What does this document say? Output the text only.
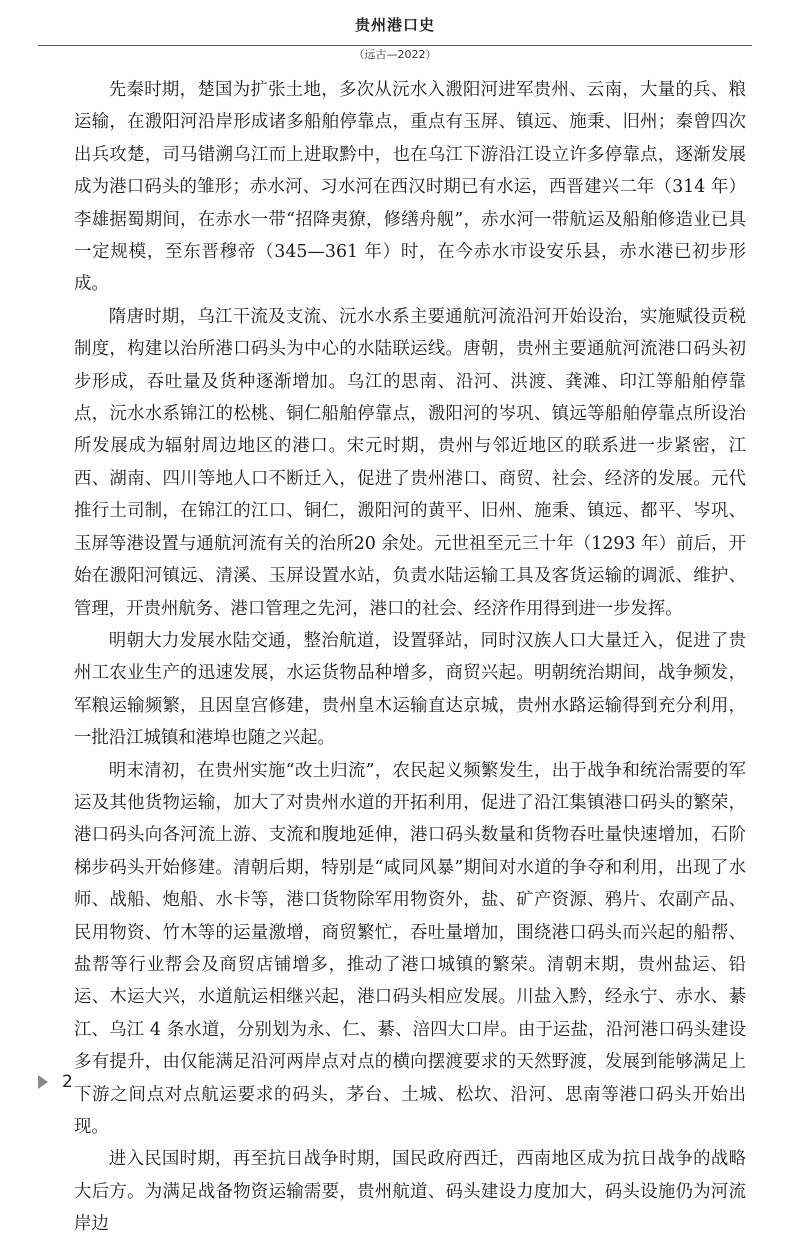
贵州港口史
（远古—2022）

先秦时期，楚国为扩张土地，多次从沅水入溵阳河进军贵州、云南，大量的兵、粮运输，在溵阳河沿岸形成诸多船舶停靠点，重点有玉屏、镇远、施秉、旧州；秦曾四次出兵攻楚，司马错溯乌江而上进取黔中，也在乌江下游沿江设立许多停靠点，逐渐发展成为港口码头的雏形；赤水河、习水河在西汉时期已有水运，西晋建兴二年（314 年）李雄据蜀期间，在赤水一带“招降夷獠，修缮舟舰”，赤水河一带航运及船舶修造业已具一定规模，至东晋穆帝（345—361 年）时，在今赤水市设安乐县，赤水港已初步形成。

隋唐时期，乌江干流及支流、沅水水系主要通航河流沿河开始设治，实施赋役贡税制度，构建以治所港口码头为中心的水陆联运线。唐朝，贵州主要通航河流港口码头初步形成，吞吐量及货种逐渐增加。乌江的思南、沿河、洪渡、龚滩、印江等船舶停靠点，沅水水系锦江的松桃、铜仁船舶停靠点，溵阳河的岑巩、镇远等船舶停靠点所设治所发展成为辐射周边地区的港口。宋元时期，贵州与邻近地区的联系进一步紧密，江西、湖南、四川等地人口不断迁入，促进了贵州港口、商贸、社会、经济的发展。元代推行土司制，在锦江的江口、铜仁，溵阳河的黄平、旧州、施秉、镇远、都平、岑巩、玉屏等港设置与通航河流有关的治所20 余处。元世祖至元三十年（1293 年）前后，开始在溵阳河镇远、清溪、玉屏设置水站，负责水陆运输工具及客货运输的调派、维护、管理，开贵州航务、港口管理之先河，港口的社会、经济作用得到进一步发挥。

明朝大力发展水陆交通，整治航道，设置驿站，同时汉族人口大量迁入，促进了贵州工农业生产的迅速发展，水运货物品种增多，商贸兴起。明朝统治期间，战争频发，军粮运输频繁，且因皇宫修建，贵州皇木运输直达京城，贵州水路运输得到充分利用，一批沿江城镇和港埠也随之兴起。

明末清初，在贵州实施“改土归流”，农民起义频繁发生，出于战争和统治需要的军运及其他货物运输，加大了对贵州水道的开拓利用，促进了沿江集镇港口码头的繁荣，港口码头向各河流上游、支流和腹地延伸，港口码头数量和货物吞吐量快速增加，石阶梯步码头开始修建。清朝后期，特别是“咸同风暴”期间对水道的争夺和利用，出现了水师、战船、炮船、水卡等，港口货物除军用物资外，盐、矿产资源、鸦片、农副产品、民用物资、竹木等的运量激增，商贸繁忙，吞吐量增加，围绕港口码头而兴起的船帮、盐帮等行业帮会及商贸店铺增多，推动了港口城镇的繁荣。清朝末期，贵州盐运、铅运、木运大兴，水道航运相继兴起，港口码头相应发展。川盐入黔，经永宁、赤水、綦江、乌江 4 条水道，分别划为永、仁、綦、涪四大口岸。由于运盐，沿河港口码头建设多有提升，由仅能满足沿河两岸点对点的横向摆渡要求的天然野渡，发展到能够满足上下游之间点对点航运要求的码头，茅台、土城、松坎、沿河、思南等港口码头开始出现。

进入民国时期，再至抗日战争时期，国民政府西迁，西南地区成为抗日战争的战略大后方。为满足战备物资运输需要，贵州航道、码头建设力度加大，码头设施仍为河流岸边

2
